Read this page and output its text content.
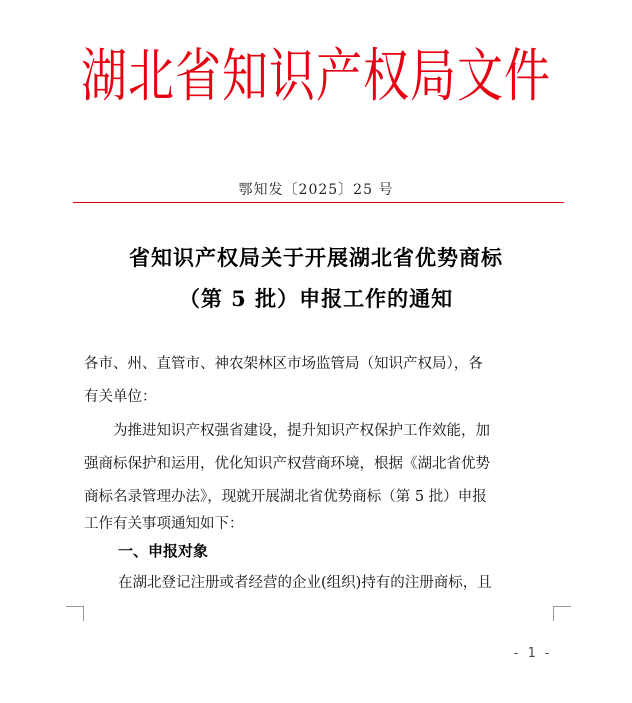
湖北省知识产权局文件
鄂知发〔2025〕25 号
省知识产权局关于开展湖北省优势商标
（第 5 批）申报工作的通知
各市、州、直管市、神农架林区市场监管局（知识产权局），各
有关单位：
　　为推进知识产权强省建设，提升知识产权保护工作效能，加
强商标保护和运用，优化知识产权营商环境，根据《湖北省优势
商标名录管理办法》，现就开展湖北省优势商标（第 5 批）申报
工作有关事项通知如下：
一、申报对象
在湖北登记注册或者经营的企业(组织)持有的注册商标，且
- 1 -
